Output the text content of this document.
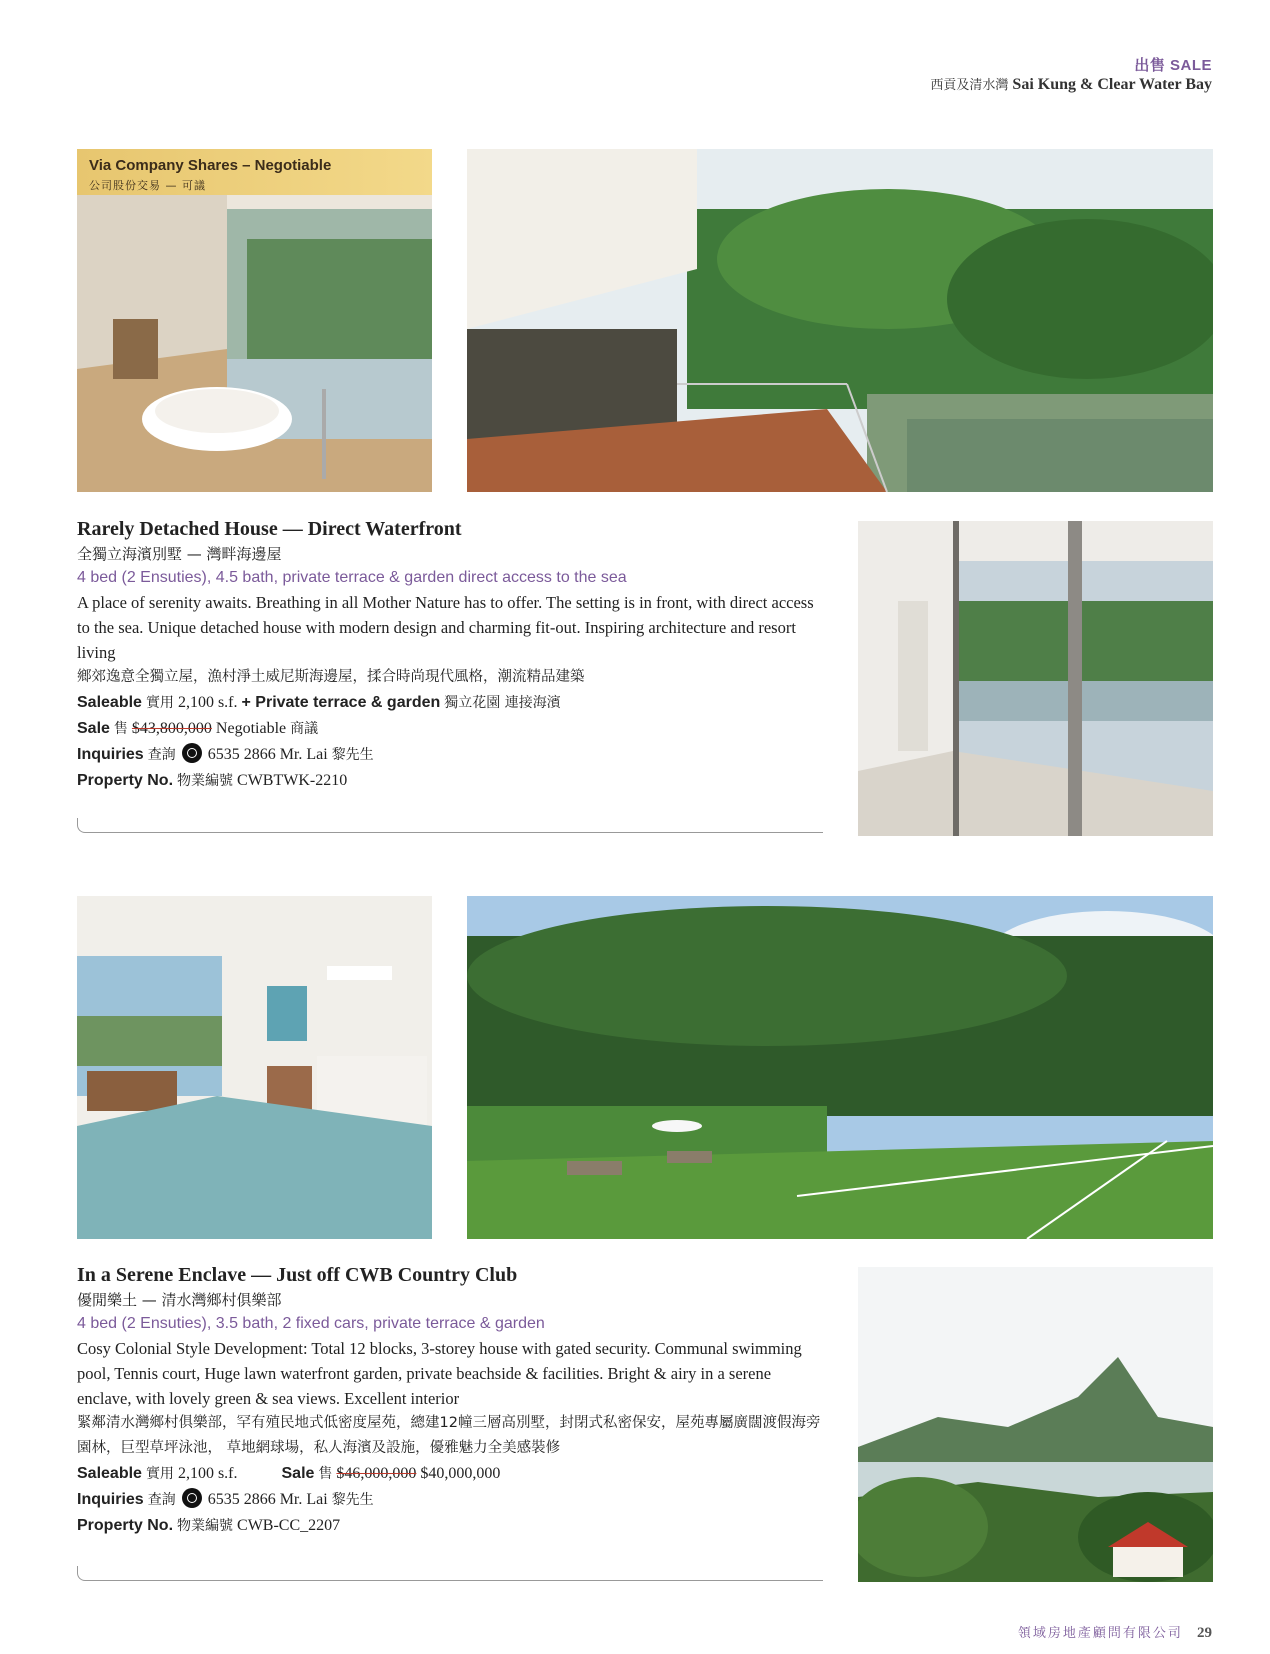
出售 SALE
西貢及清水灣 Sai Kung & Clear Water Bay
Via Company Shares – Negotiable
公司股份交易 — 可議
Rarely Detached House — Direct Waterfront
全獨立海濱別墅 — 灣畔海邊屋
4 bed (2 Ensuties), 4.5 bath, private terrace & garden direct access to the sea
A place of serenity awaits. Breathing in all Mother Nature has to offer. The setting is in front, with direct access to the sea. Unique detached house with modern design and charming fit-out. Inspiring architecture and resort living
鄉郊逸意全獨立屋，漁村淨土威尼斯海邊屋，揉合時尚現代風格，潮流精品建築
Saleable 實用 2,100 s.f. + Private terrace & garden 獨立花園 連接海濱
Sale 售 $43,800,000 Negotiable 商議
Inquiries 查詢 6535 2866 Mr. Lai 黎先生
Property No. 物業編號 CWBTWK-2210
In a Serene Enclave — Just off CWB Country Club
優閒樂土 — 清水灣鄉村俱樂部
4 bed (2 Ensuties), 3.5 bath, 2 fixed cars, private terrace & garden
Cosy Colonial Style Development: Total 12 blocks, 3-storey house with gated security. Communal swimming pool, Tennis court, Huge lawn waterfront garden, private beachside & facilities. Bright & airy in a serene enclave, with lovely green & sea views. Excellent interior
緊鄰清水灣鄉村俱樂部，罕有殖民地式低密度屋苑，總建12幢三層高別墅，封閉式私密保安，屋苑專屬廣闊渡假海旁園林，巨型草坪泳池， 草地網球場，私人海濱及設施，優雅魅力全美感裝修
Saleable 實用 2,100 s.f.	Sale 售 $46,000,000 $40,000,000
Inquiries 查詢 6535 2866 Mr. Lai 黎先生
Property No. 物業編號 CWB-CC_2207
領域房地產顧問有限公司 29
